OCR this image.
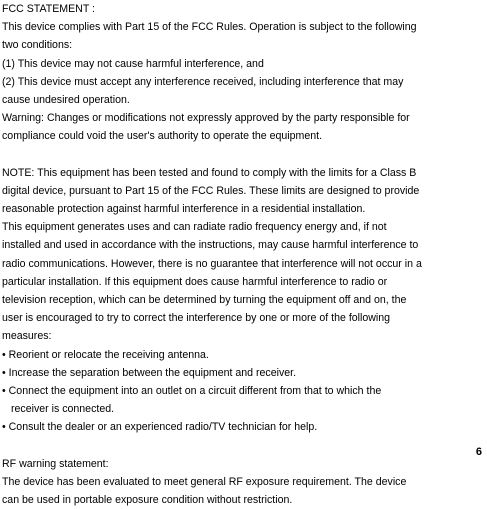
FCC STATEMENT :
This device complies with Part 15 of the FCC Rules. Operation is subject to the following
two conditions:
(1) This device may not cause harmful interference, and
(2) This device must accept any interference received, including interference that may
cause undesired operation.
Warning: Changes or modifications not expressly approved by the party responsible for
compliance could void the user's authority to operate the equipment.
NOTE: This equipment has been tested and found to comply with the limits for a Class B
digital device, pursuant to Part 15 of the FCC Rules. These limits are designed to provide
reasonable protection against harmful interference in a residential installation.
This equipment generates uses and can radiate radio frequency energy and, if not
installed and used in accordance with the instructions, may cause harmful interference to
radio communications. However, there is no guarantee that interference will not occur in a
particular installation. If this equipment does cause harmful interference to radio or
television reception, which can be determined by turning the equipment off and on, the
user is encouraged to try to correct the interference by one or more of the following
measures:
• Reorient or relocate the receiving antenna.
• Increase the separation between the equipment and receiver.
• Connect the equipment into an outlet on a circuit different from that to which the
receiver is connected.
• Consult the dealer or an experienced radio/TV technician for help.
RF warning statement:
The device has been evaluated to meet general RF exposure requirement. The device
can be used in portable exposure condition without restriction.
6
